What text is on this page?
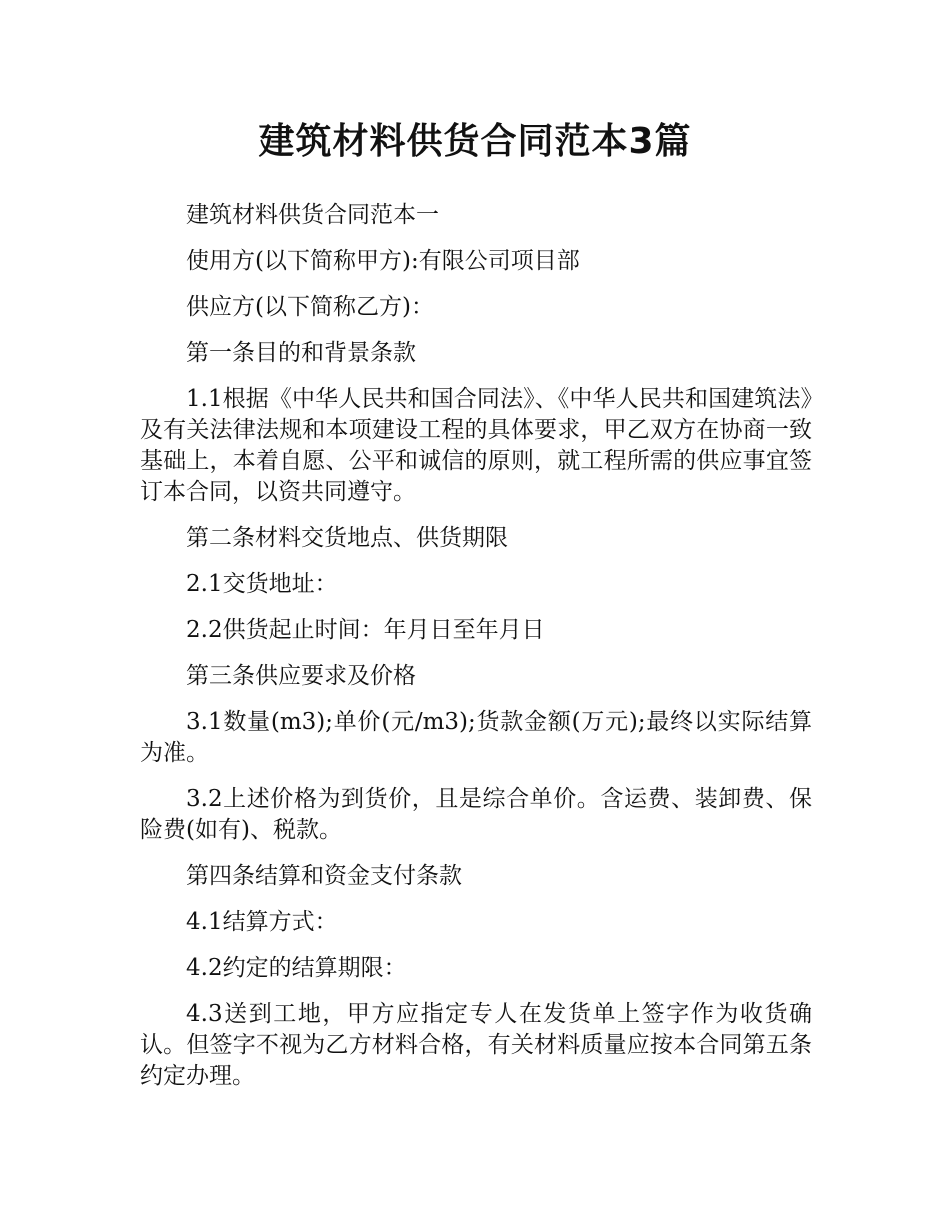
建筑材料供货合同范本3篇

建筑材料供货合同范本一

使用方(以下简称甲方):有限公司项目部

供应方(以下简称乙方)：

第一条目的和背景条款

1.1根据《中华人民共和国合同法》、《中华人民共和国建筑法》及有关法律法规和本项建设工程的具体要求，甲乙双方在协商一致基础上，本着自愿、公平和诚信的原则，就工程所需的供应事宜签订本合同，以资共同遵守。

第二条材料交货地点、供货期限

2.1交货地址：

2.2供货起止时间：年月日至年月日

第三条供应要求及价格

3.1数量(m3);单价(元/m3);货款金额(万元);最终以实际结算为准。

3.2上述价格为到货价，且是综合单价。含运费、装卸费、保险费(如有)、税款。

第四条结算和资金支付条款

4.1结算方式：

4.2约定的结算期限：

4.3送到工地，甲方应指定专人在发货单上签字作为收货确认。但签字不视为乙方材料合格，有关材料质量应按本合同第五条约定办理。
